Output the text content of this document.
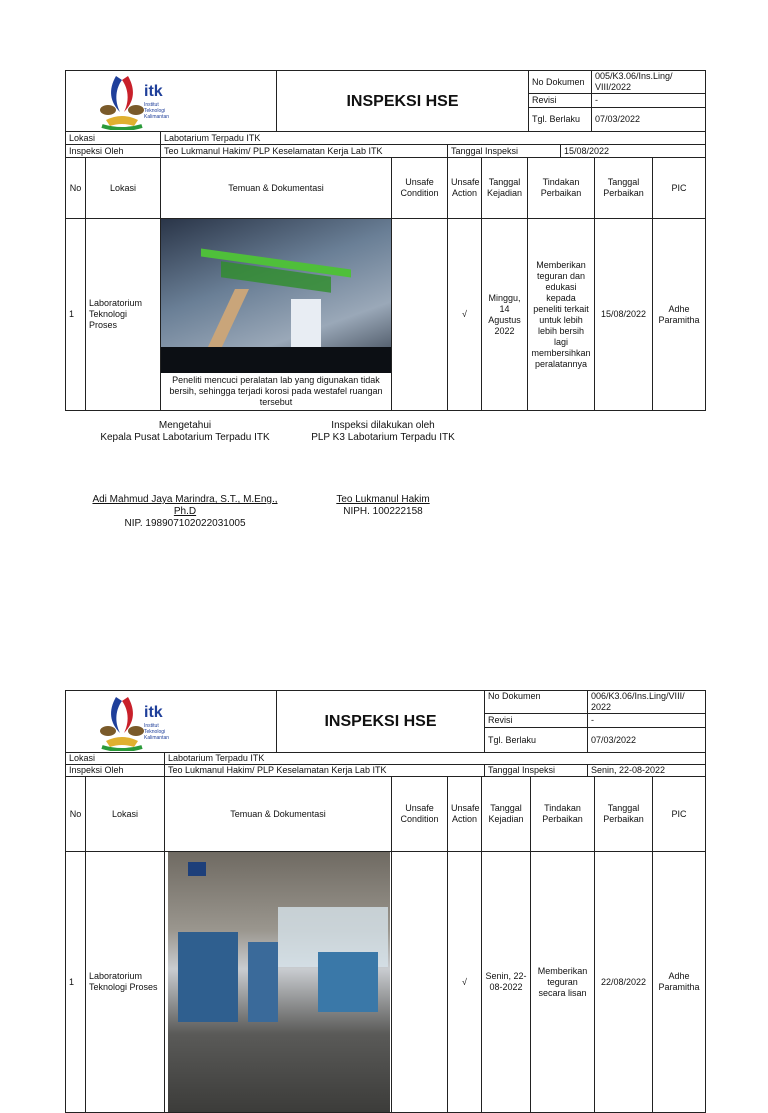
itk
Institut
Teknologi
Kalimantan	INSPEKSI HSE	No Dokumen	005/K3.06/Ins.Ling/ VIII/2022
		Revisi	-
		Tgl. Berlaku	07/03/2022
Lokasi	Labotarium Terpadu ITK		
Inspeksi Oleh	Teo Lukmanul Hakim/ PLP Keselamatan Kerja Lab ITK	Tanggal Inspeksi	15/08/2022
No	Lokasi	Temuan & Dokumentasi	Unsafe Condition	Unsafe Action	Tanggal Kejadian	Tindakan Perbaikan	Tanggal Perbaikan	PIC
1	Laboratorium Teknologi Proses	Peneliti mencuci peralatan lab yang digunakan tidak bersih, sehingga terjadi korosi pada westafel ruangan tersebut		√	Minggu, 14 Agustus 2022	Memberikan teguran dan edukasi kepada peneliti terkait untuk lebih lebih bersih lagi membersihkan peralatannya	15/08/2022	Adhe Paramitha
Mengetahui
Kepala Pusat Labotarium Terpadu ITK
Adi Mahmud Jaya Marindra, S.T., M.Eng., Ph.D
NIP. 198907102022031005
Inspeksi dilakukan oleh
PLP K3 Labotarium Terpadu ITK
Teo Lukmanul Hakim
NIPH. 100222158
itk
Institut
Teknologi
Kalimantan	INSPEKSI HSE	No Dokumen	006/K3.06/Ins.Ling/VIII/ 2022
		Revisi	-
		Tgl. Berlaku	07/03/2022
Lokasi	Labotarium Terpadu ITK		
Inspeksi Oleh	Teo Lukmanul Hakim/ PLP Keselamatan Kerja Lab ITK	Tanggal Inspeksi	Senin, 22-08-2022
No	Lokasi	Temuan & Dokumentasi	Unsafe Condition	Unsafe Action	Tanggal Kejadian	Tindakan Perbaikan	Tanggal Perbaikan	PIC
1	Laboratorium Teknologi Proses			√	Senin, 22-08-2022	Memberikan teguran secara lisan	22/08/2022	Adhe Paramitha
